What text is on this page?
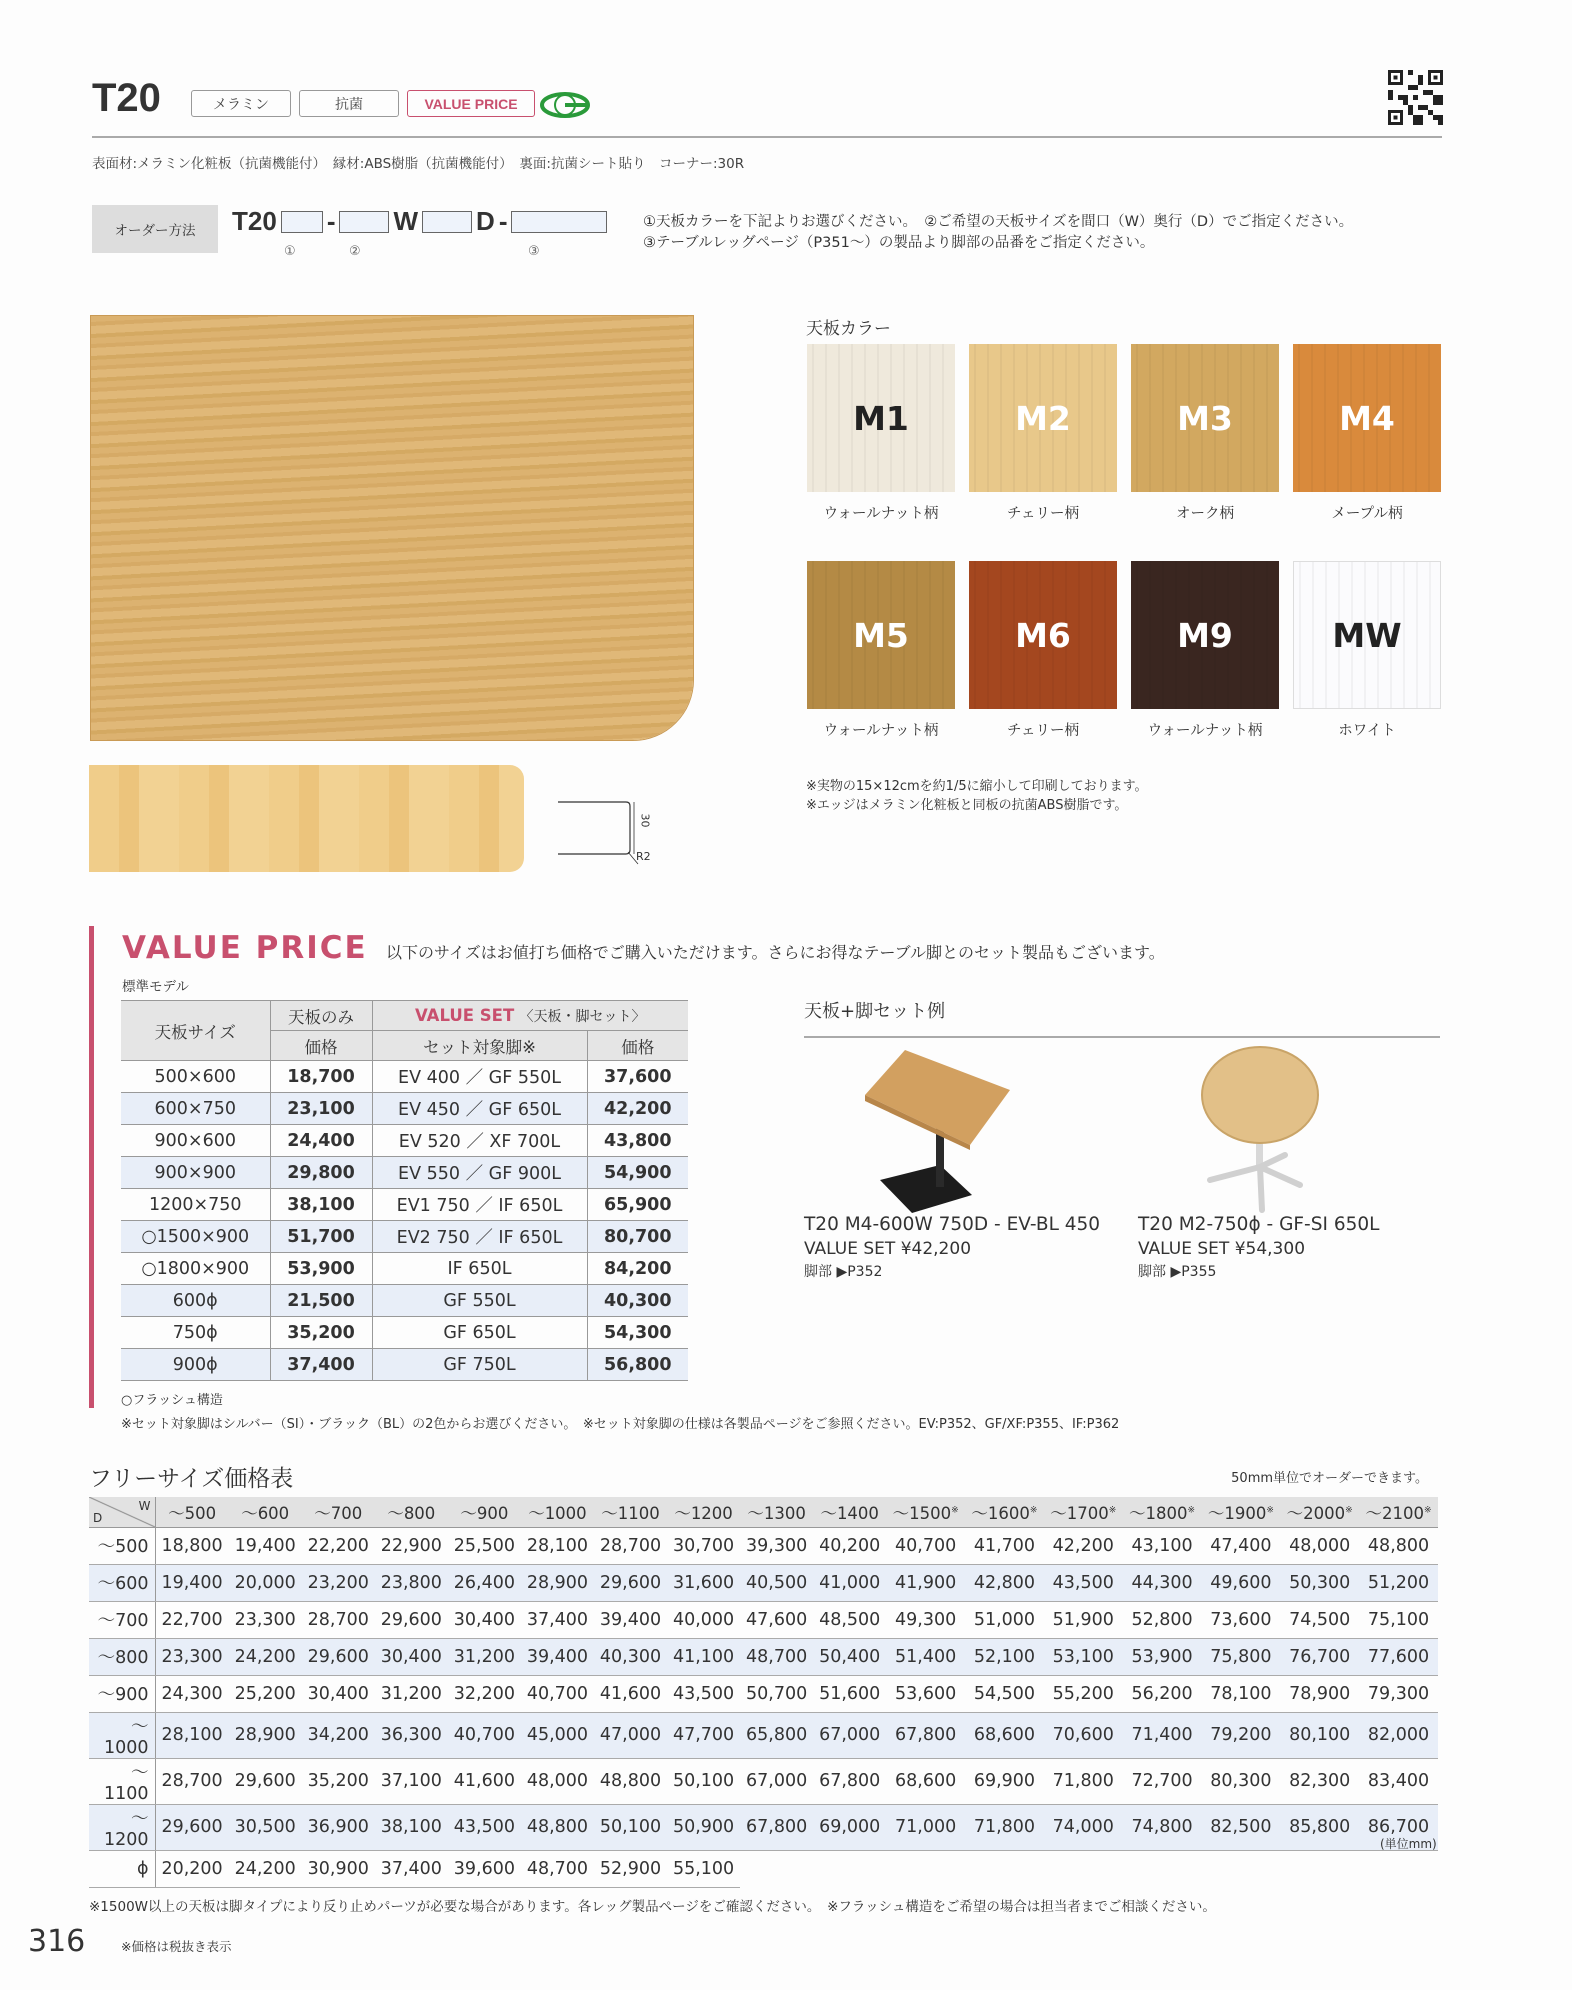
T20	メラミン	抗菌	VALUE PRICE
表面材:メラミン化粧板（抗菌機能付）　縁材:ABS樹脂（抗菌機能付）　裏面:抗菌シート貼り　コーナー:30R
オーダー方法	T20 - W D -
①	②	③
①天板カラーを下記よりお選びください。　②ご希望の天板サイズを間口（W）奥行（D）でご指定ください。
③テーブルレッグページ（P351〜）の製品より脚部の品番をご指定ください。
30
R2
天板カラー
M1
ウォールナット柄
M2
チェリー柄
M3
オーク柄
M4
メープル柄
M5
ウォールナット柄
M6
チェリー柄
M9
ウォールナット柄
MW
ホワイト
※実物の15×12cmを約1/5に縮小して印刷しております。
※エッジはメラミン化粧板と同板の抗菌ABS樹脂です。
VALUE PRICE 以下のサイズはお値打ち価格でご購入いただけます。さらにお得なテーブル脚とのセット製品もございます。
標準モデル
天板サイズ	天板のみ	VALUE SET 〈天板・脚セット〉	
	価格	セット対象脚※	価格
500×600	18,700	EV 400 ／ GF 550L	37,600
600×750	23,100	EV 450 ／ GF 650L	42,200
900×600	24,400	EV 520 ／ XF 700L	43,800
900×900	29,800	EV 550 ／ GF 900L	54,900
1200×750	38,100	EV1 750 ／ IF 650L	65,900
○1500×900	51,700	EV2 750 ／ IF 650L	80,700
○1800×900	53,900	IF 650L	84,200
600ϕ	21,500	GF 550L	40,300
750ϕ	35,200	GF 650L	54,300
900ϕ	37,400	GF 750L	56,800
○フラッシュ構造
※セット対象脚はシルバー（SI）・ブラック（BL）の2色からお選びください。　※セット対象脚の仕様は各製品ページをご参照ください。EV:P352、GF/XF:P355、IF:P362
天板+脚セット例
T20 M4-600W 750D - EV-BL 450
VALUE SET ¥42,200
脚部 ▶P352
T20 M2-750ϕ - GF-SI 650L
VALUE SET ¥54,300
脚部 ▶P355
フリーサイズ価格表	50mm単位でオーダーできます。
D
W	〜500	〜600	〜700	〜800	〜900	〜1000	〜1100	〜1200	〜1300	〜1400	〜1500※	〜1600※	〜1700※	〜1800※	〜1900※	〜2000※	〜2100※
〜500	18,800	19,400	22,200	22,900	25,500	28,100	28,700	30,700	39,300	40,200	40,700	41,700	42,200	43,100	47,400	48,000	48,800
〜600	19,400	20,000	23,200	23,800	26,400	28,900	29,600	31,600	40,500	41,000	41,900	42,800	43,500	44,300	49,600	50,300	51,200
〜700	22,700	23,300	28,700	29,600	30,400	37,400	39,400	40,000	47,600	48,500	49,300	51,000	51,900	52,800	73,600	74,500	75,100
〜800	23,300	24,200	29,600	30,400	31,200	39,400	40,300	41,100	48,700	50,400	51,400	52,100	53,100	53,900	75,800	76,700	77,600
〜900	24,300	25,200	30,400	31,200	32,200	40,700	41,600	43,500	50,700	51,600	53,600	54,500	55,200	56,200	78,100	78,900	79,300
〜1000	28,100	28,900	34,200	36,300	40,700	45,000	47,000	47,700	65,800	67,000	67,800	68,600	70,600	71,400	79,200	80,100	82,000
〜1100	28,700	29,600	35,200	37,100	41,600	48,000	48,800	50,100	67,000	67,800	68,600	69,900	71,800	72,700	80,300	82,300	83,400
〜1200	29,600	30,500	36,900	38,100	43,500	48,800	50,100	50,900	67,800	69,000	71,000	71,800	74,000	74,800	82,500	85,800	86,700
ϕ	20,200	24,200	30,900	37,400	39,600	48,700	52,900	55,100									
(単位mm)
※1500W以上の天板は脚タイプにより反り止めパーツが必要な場合があります。各レッグ製品ページをご確認ください。　※フラッシュ構造をご希望の場合は担当者までご相談ください。
316	※価格は税抜き表示
